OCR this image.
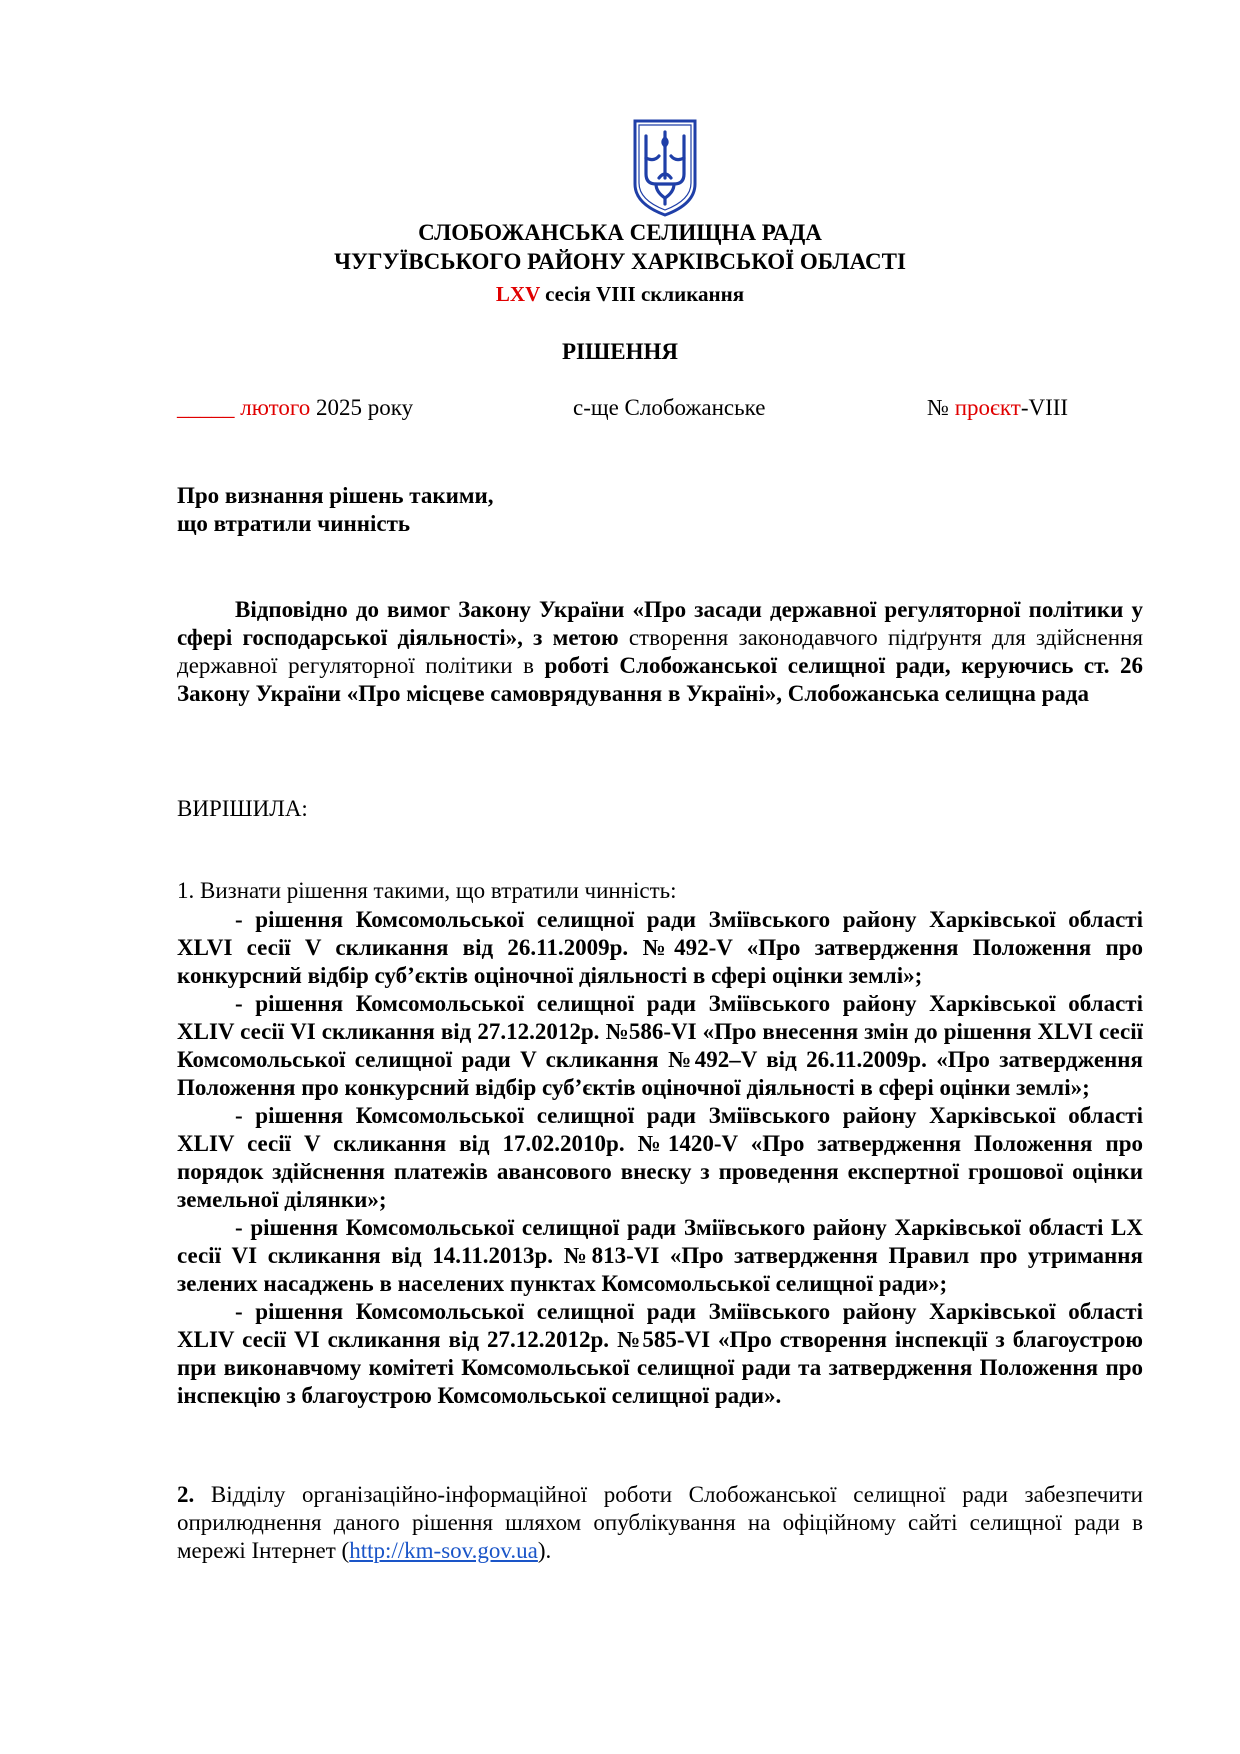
СЛОБОЖАНСЬКА СЕЛИЩНА РАДА
ЧУГУЇВСЬКОГО РАЙОНУ ХАРКІВСЬКОЇ ОБЛАСТІ
LXV сесія VIII скликання
РІШЕННЯ
_____ лютого 2025 року	с-ще Слобожанське	№ проєкт-VIII
Про визнання рішень такими,
що втратили чинність
Відповідно до вимог Закону України «Про засади державної регуляторної політики у сфері господарської діяльності», з метою створення законодавчого підґрунтя для здійснення державної регуляторної політики в роботі Слобожанської селищної ради, керуючись ст. 26 Закону України «Про місцеве самоврядування в Україні», Слобожанська селищна рада
ВИРІШИЛА:
1. Визнати рішення такими, що втратили чинність:

- рішення Комсомольської селищної ради Зміївського району Харківської області XLVI сесії V скликання від 26.11.2009р. №492-V «Про затвердження Положення про конкурсний відбір суб’єктів оціночної діяльності в сфері оцінки землі»;

- рішення Комсомольської селищної ради Зміївського району Харківської області XLIV сесії VI скликання від 27.12.2012р. №586-VI «Про внесення змін до рішення XLVI сесії Комсомольської селищної ради V скликання №492–V від 26.11.2009р. «Про затвердження Положення про конкурсний відбір суб’єктів оціночної діяльності в сфері оцінки землі»;

- рішення Комсомольської селищної ради Зміївського району Харківської області XLIV сесії V скликання від 17.02.2010р. №1420-V «Про затвердження Положення про порядок здійснення платежів авансового внеску з проведення експертної грошової оцінки земельної ділянки»;

- рішення Комсомольської селищної ради Зміївського району Харківської області LX сесії VI скликання від 14.11.2013р. №813-VI «Про затвердження Правил про утримання зелених насаджень в населених пунктах Комсомольської селищної ради»;

- рішення Комсомольської селищної ради Зміївського району Харківської області XLIV сесії VI скликання від 27.12.2012р. №585-VI «Про створення інспекції з благоустрою при виконавчому комітеті Комсомольської селищної ради та затвердження Положення про інспекцію з благоустрою Комсомольської селищної ради».

2. Відділу організаційно-інформаційної роботи Слобожанської селищної ради забезпечити оприлюднення даного рішення шляхом опублікування на офіційному сайті селищної ради в мережі Інтернет (http://km-sov.gov.ua).
